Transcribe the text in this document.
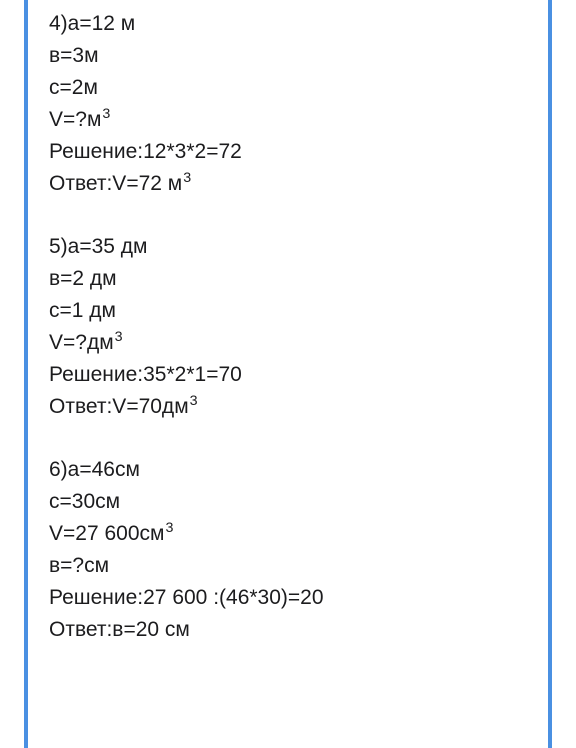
4)а=12 м
в=3м
с=2м
$V=?м^3$
Решение:12*3*2=72
Ответ:V=72 $м^3$
5)а=35 дм
в=2 дм
с=1 дм
$V=?дм^3$
Решение:35*2*1=70
$Ответ:V=70дм^3$
6)а=46см
с=30см
V=27 $600см^3$
в=?см
Решение:27 600 :(46*30)=20
Ответ:в=20 см
